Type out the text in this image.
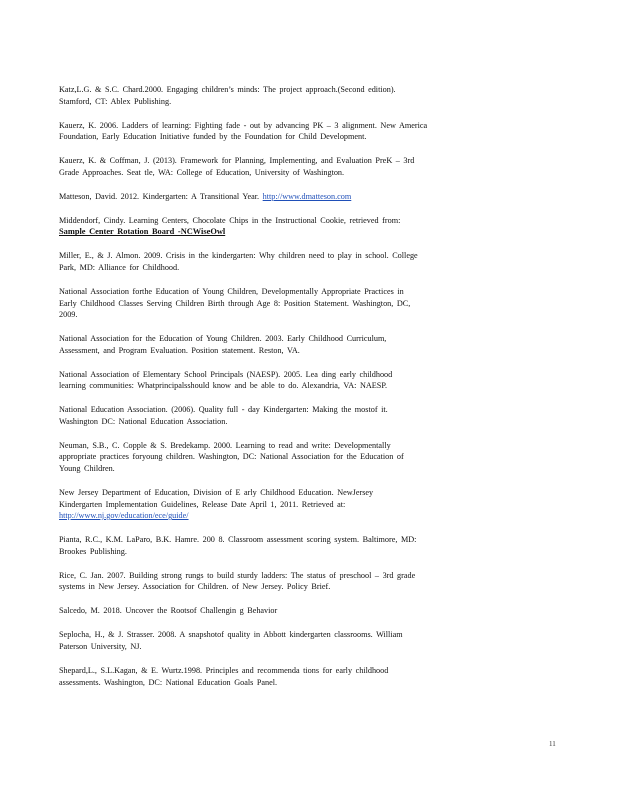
Katz,L.G. & S.C. Chard.2000. Engaging children’s minds: The project approach.(Second edition).
Stamford, CT: Ablex Publishing.

Kauerz, K. 2006. Ladders of learning: Fighting fade - out by advancing PK – 3 alignment. New America
Foundation, Early Education Initiative funded by the Foundation for Child Development.

Kauerz, K. & Coffman, J. (2013). Framework for Planning, Implementing, and Evaluation PreK – 3rd
Grade Approaches. Seat tle, WA: College of Education, University of Washington.

Matteson, David. 2012. Kindergarten: A Transitional Year. http://www.dmatteson.com

Middendorf, Cindy. Learning Centers, Chocolate Chips in the Instructional Cookie, retrieved from:
Sample Center Rotation Board -NCWiseOwl

Miller, E., & J. Almon. 2009. Crisis in the kindergarten: Why children need to play in school. College
Park, MD: Alliance for Childhood.

National Association forthe Education of Young Children, Developmentally Appropriate Practices in
Early Childhood Classes Serving Children Birth through Age 8: Position Statement. Washington, DC,
2009.

National Association for the Education of Young Children. 2003. Early Childhood Curriculum,
Assessment, and Program Evaluation. Position statement. Reston, VA.

National Association of Elementary School Principals (NAESP). 2005. Lea ding early childhood
learning communities: Whatprincipalsshould know and be able to do. Alexandria, VA: NAESP.

National Education Association. (2006). Quality full - day Kindergarten: Making the mostof it.
Washington DC: National Education Association.

Neuman, S.B., C. Copple & S. Bredekamp. 2000. Learning to read and write: Developmentally
appropriate practices foryoung children. Washington, DC: National Association for the Education of
Young Children.

New Jersey Department of Education, Division of E arly Childhood Education. NewJersey
Kindergarten Implementation Guidelines, Release Date April 1, 2011. Retrieved at:
http://www.nj.gov/education/ece/guide/

Pianta, R.C., K.M. LaParo, B.K. Hamre. 200 8. Classroom assessment scoring system. Baltimore, MD:
Brookes Publishing.

Rice, C. Jan. 2007. Building strong rungs to build sturdy ladders: The status of preschool – 3rd grade
systems in New Jersey. Association for Children. of New Jersey. Policy Brief.

Salcedo, M. 2018. Uncover the Rootsof Challengin g Behavior

Seplocha, H., & J. Strasser. 2008. A snapshotof quality in Abbott kindergarten classrooms. William
Paterson University, NJ.

Shepard,L., S.L.Kagan, & E. Wurtz.1998. Principles and recommenda tions for early childhood
assessments. Washington, DC: National Education Goals Panel.

11
